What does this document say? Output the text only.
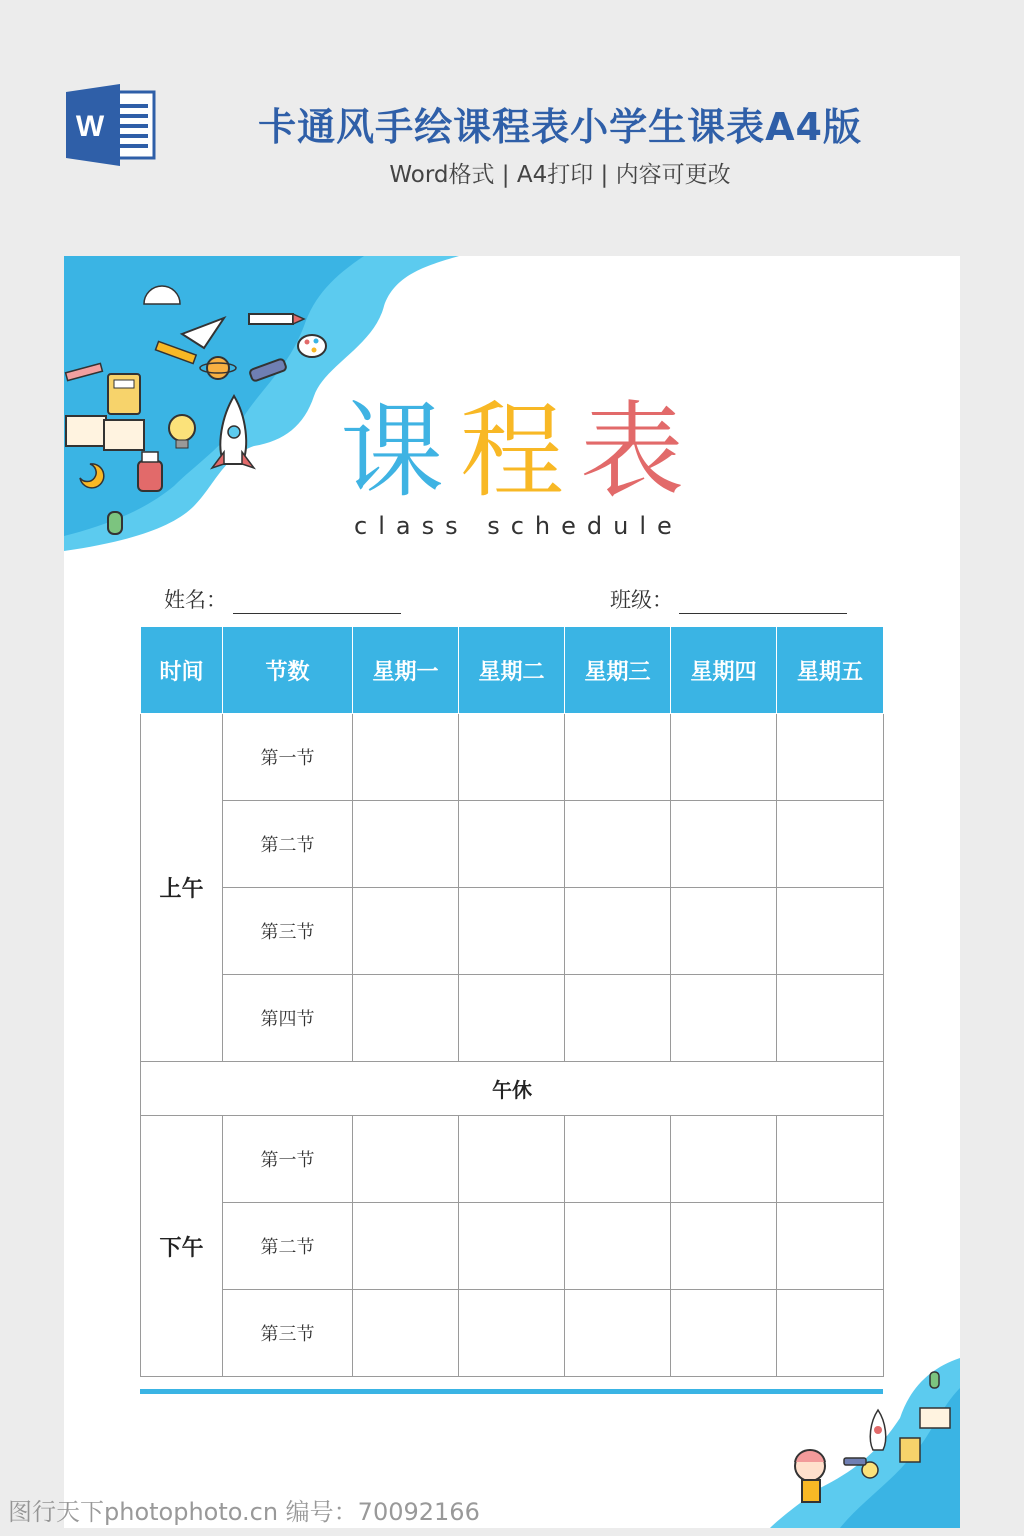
W	卡通风手绘课程表小学生课表A4版
Word格式 | A4打印 | 内容可更改
课程表
class schedule
姓名：	班级：
时间	节数	星期一	星期二	星期三	星期四	星期五
上午	第一节					
	第二节					
	第三节					
	第四节					
午休						
下午	第一节					
	第二节					
	第三节					
图行天下photophoto.cn 编号：70092166
